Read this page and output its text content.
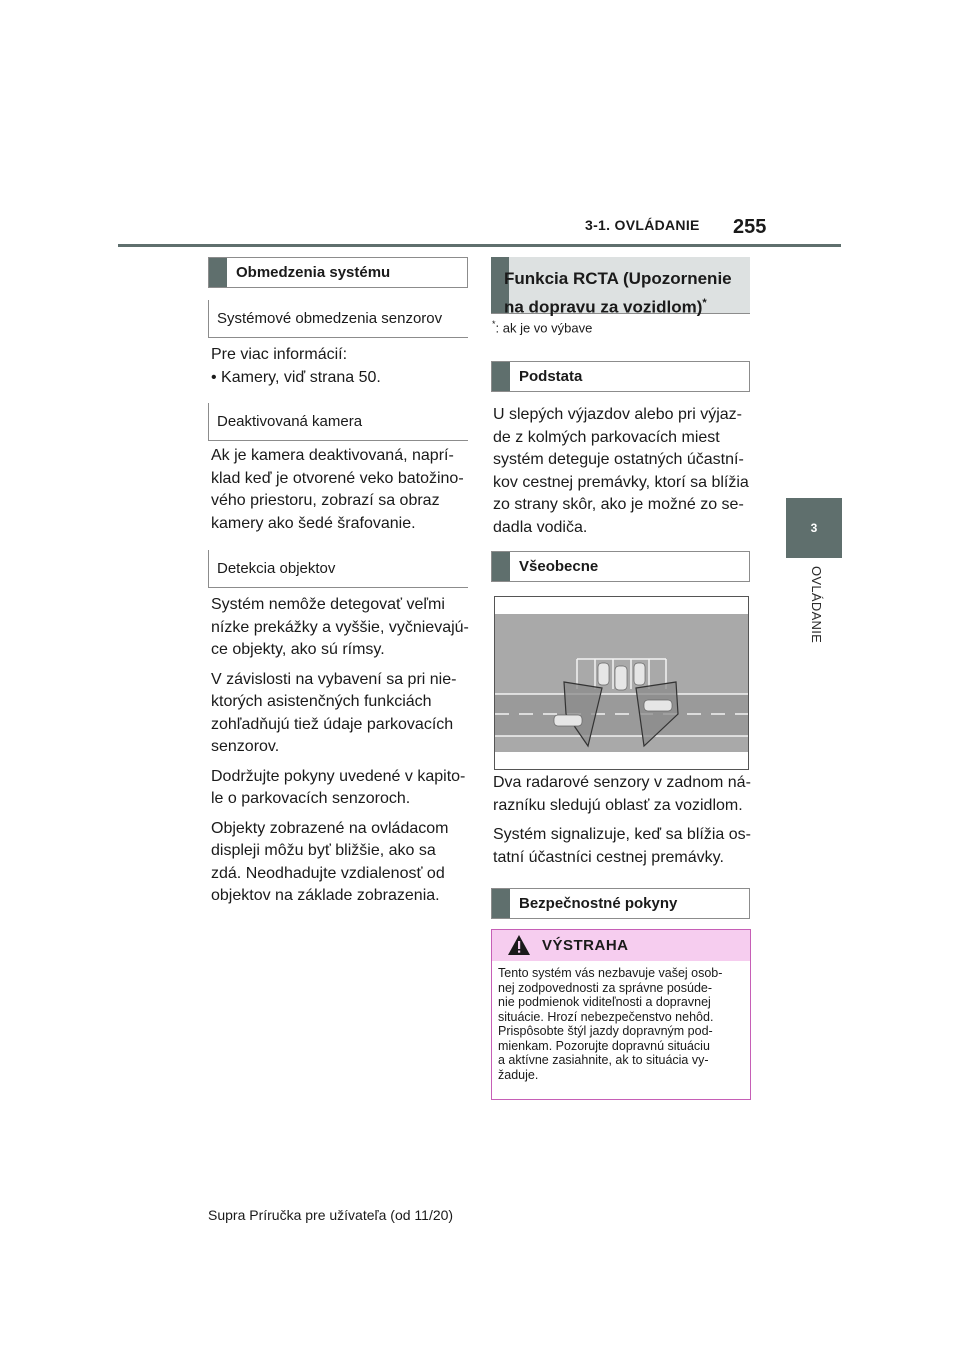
3-1. OVLÁDANIE 255
3
OVLÁDANIE
Obmedzenia systému
Systémové obmedzenia senzorov
Pre viac informácií:
• Kamery, viď strana 50.
Deaktivovaná kamera
Ak je kamera deaktivovaná, naprí-
klad keď je otvorené veko batožino-
vého priestoru, zobrazí sa obraz
kamery ako šedé šrafovanie.
Detekcia objektov
Systém nemôže detegovať veľmi
nízke prekážky a vyššie, vyčnievajú-
ce objekty, ako sú rímsy.
V závislosti na vybavení sa pri nie-
ktorých asistenčných funkciách
zohľadňujú tiež údaje parkovacích
senzorov.
Dodržujte pokyny uvedené v kapito-
le o parkovacích senzoroch.
Objekty zobrazené na ovládacom
displeji môžu byť bližšie, ako sa
zdá. Neodhadujte vzdialenosť od
objektov na základe zobrazenia.
Funkcia RCTA (Upozornenie
na dopravu za vozidlom)*
*: ak je vo výbave
Podstata
U slepých výjazdov alebo pri výjaz-
de z kolmých parkovacích miest
systém deteguje ostatných účastní-
kov cestnej premávky, ktorí sa blížia
zo strany skôr, ako je možné zo se-
dadla vodiča.
Všeobecne
Dva radarové senzory v zadnom ná-
razníku sledujú oblasť za vozidlom.
Systém signalizuje, keď sa blížia os-
tatní účastníci cestnej premávky.
Bezpečnostné pokyny
VÝSTRAHA
Tento systém vás nezbavuje vašej osob-
nej zodpovednosti za správne posúde-
nie podmienok viditeľnosti a dopravnej
situácie. Hrozí nebezpečenstvo nehôd.
Prispôsobte štýl jazdy dopravným pod-
mienkam. Pozorujte dopravnú situáciu
a aktívne zasiahnite, ak to situácia vy-
žaduje.
Supra Príručka pre užívateľa (od 11/20)
